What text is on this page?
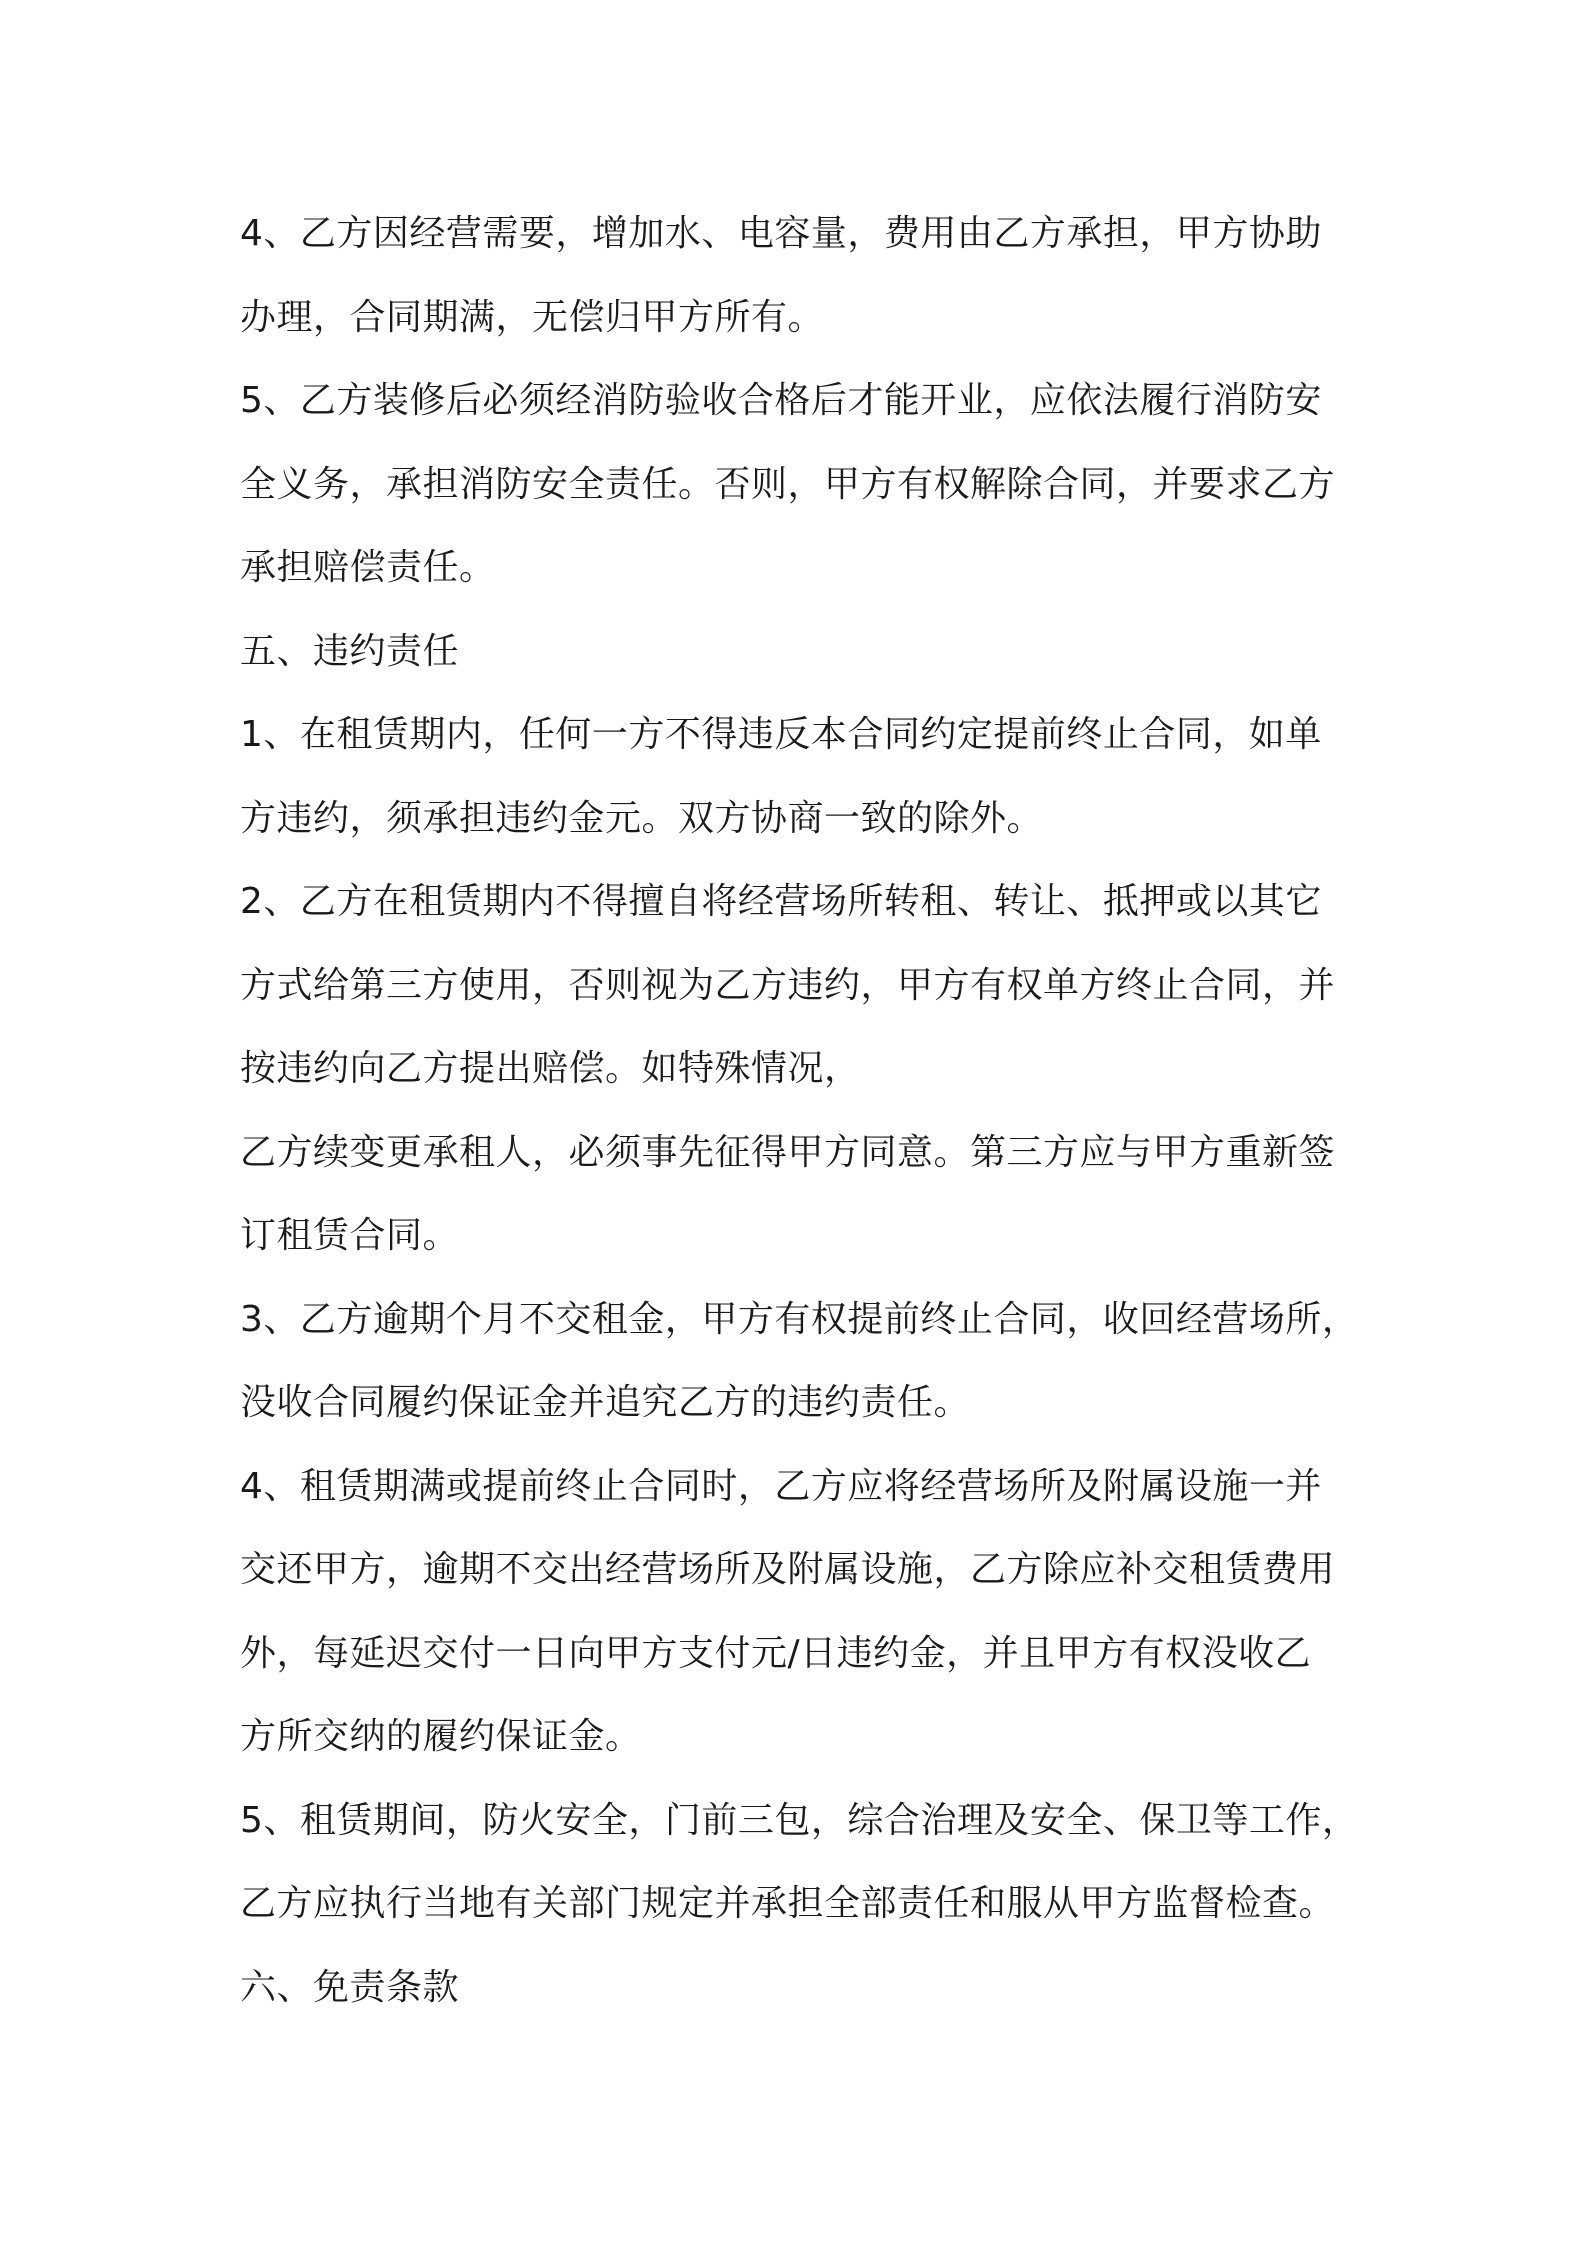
4、乙方因经营需要，增加水、电容量，费用由乙方承担，甲方协助
办理，合同期满，无偿归甲方所有。

5、乙方装修后必须经消防验收合格后才能开业，应依法履行消防安
全义务，承担消防安全责任。否则，甲方有权解除合同，并要求乙方
承担赔偿责任。

五、违约责任

1、在租赁期内，任何一方不得违反本合同约定提前终止合同，如单
方违约，须承担违约金元。双方协商一致的除外。

2、乙方在租赁期内不得擅自将经营场所转租、转让、抵押或以其它
方式给第三方使用，否则视为乙方违约，甲方有权单方终止合同，并
按违约向乙方提出赔偿。如特殊情况，

乙方续变更承租人，必须事先征得甲方同意。第三方应与甲方重新签
订租赁合同。

3、乙方逾期个月不交租金，甲方有权提前终止合同，收回经营场所，
没收合同履约保证金并追究乙方的违约责任。

4、租赁期满或提前终止合同时，乙方应将经营场所及附属设施一并
交还甲方，逾期不交出经营场所及附属设施，乙方除应补交租赁费用
外，每延迟交付一日向甲方支付元/日违约金，并且甲方有权没收乙
方所交纳的履约保证金。

5、租赁期间，防火安全，门前三包，综合治理及安全、保卫等工作，
乙方应执行当地有关部门规定并承担全部责任和服从甲方监督检查。

六、免责条款
